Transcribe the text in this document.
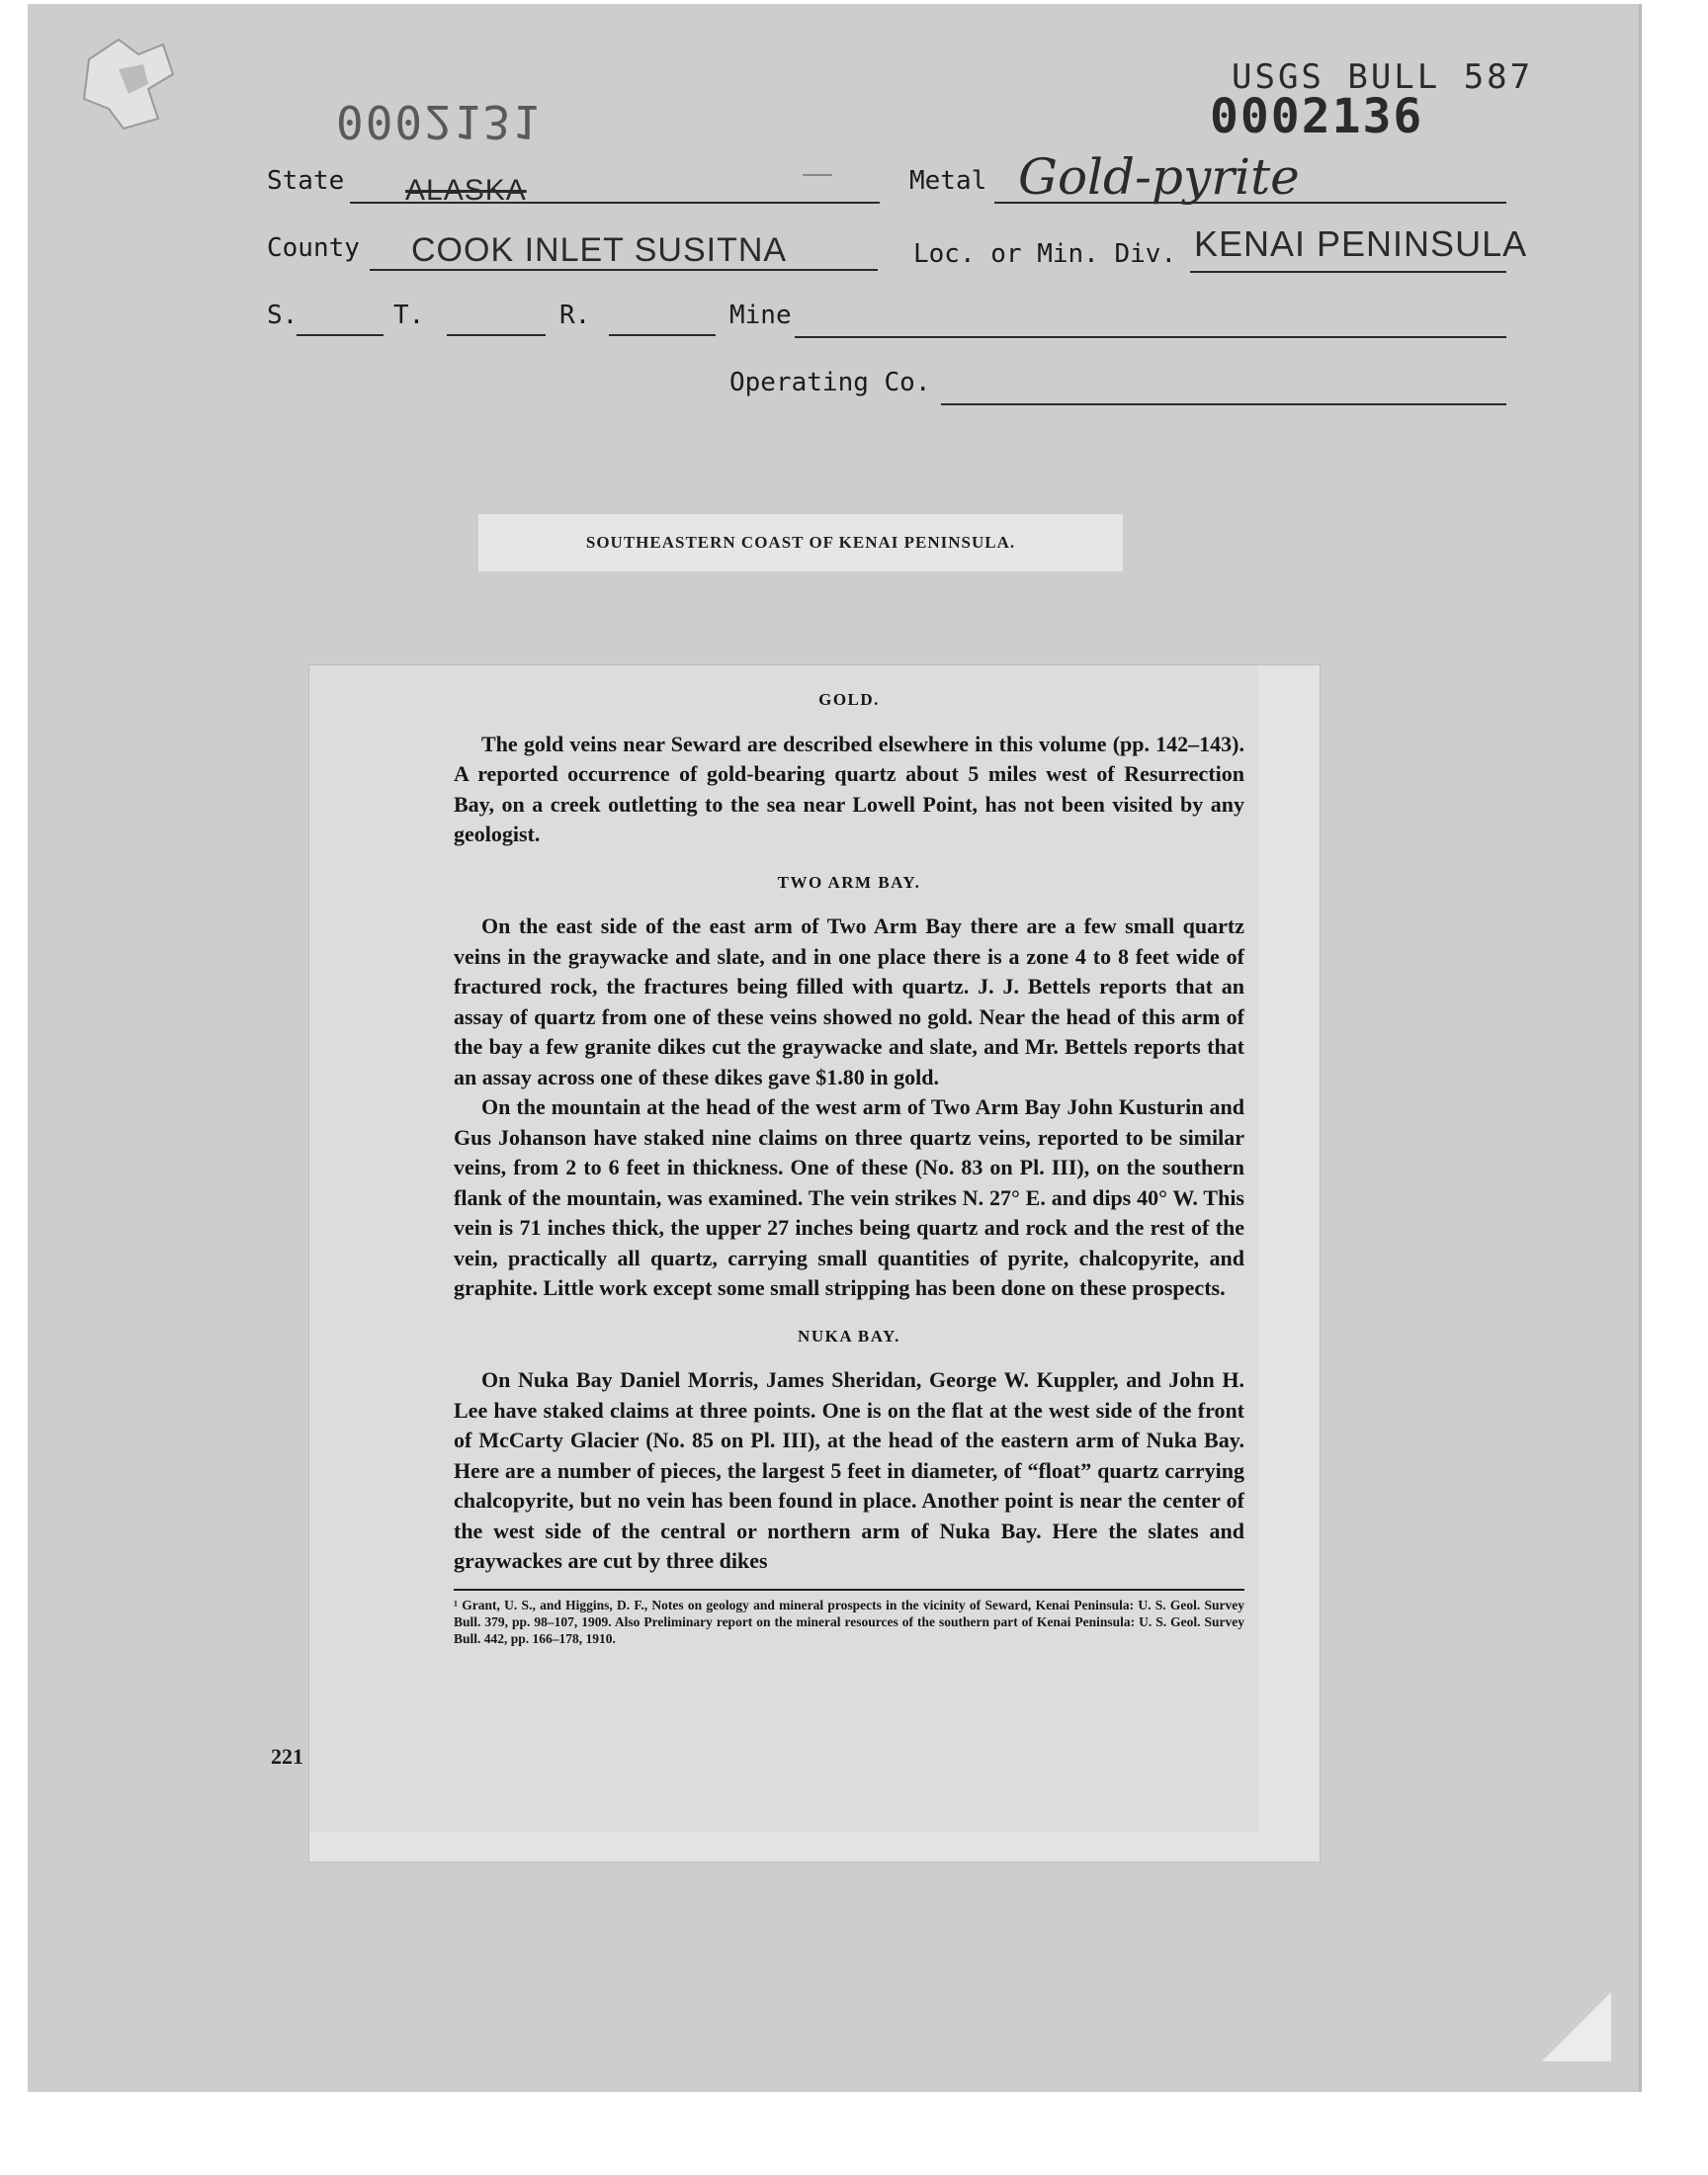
0002131
USGS BULL 587
0002136
State ALASKA	Metal Gold-pyrite
County COOK INLET SUSITNA	Loc. or Min. Div. KENAI PENINSULA
S.	T.	R.	Mine
Operating Co.
SOUTHEASTERN COAST OF KENAI PENINSULA.
GOLD.

The gold veins near Seward are described elsewhere in this volume (pp. 142–143). A reported occurrence of gold-bearing quartz about 5 miles west of Resurrection Bay, on a creek outletting to the sea near Lowell Point, has not been visited by any geologist.

TWO ARM BAY.

On the east side of the east arm of Two Arm Bay there are a few small quartz veins in the graywacke and slate, and in one place there is a zone 4 to 8 feet wide of fractured rock, the fractures being filled with quartz. J. J. Bettels reports that an assay of quartz from one of these veins showed no gold. Near the head of this arm of the bay a few granite dikes cut the graywacke and slate, and Mr. Bettels reports that an assay across one of these dikes gave $1.80 in gold.

On the mountain at the head of the west arm of Two Arm Bay John Kusturin and Gus Johanson have staked nine claims on three quartz veins, reported to be similar veins, from 2 to 6 feet in thickness. One of these (No. 83 on Pl. III), on the southern flank of the mountain, was examined. The vein strikes N. 27° E. and dips 40° W. This vein is 71 inches thick, the upper 27 inches being quartz and rock and the rest of the vein, practically all quartz, carrying small quantities of pyrite, chalcopyrite, and graphite. Little work except some small stripping has been done on these prospects.

NUKA BAY.

On Nuka Bay Daniel Morris, James Sheridan, George W. Kuppler, and John H. Lee have staked claims at three points. One is on the flat at the west side of the front of McCarty Glacier (No. 85 on Pl. III), at the head of the eastern arm of Nuka Bay. Here are a number of pieces, the largest 5 feet in diameter, of “float” quartz carrying chalcopyrite, but no vein has been found in place. Another point is near the center of the west side of the central or northern arm of Nuka Bay. Here the slates and graywackes are cut by three dikes

¹ Grant, U. S., and Higgins, D. F., Notes on geology and mineral prospects in the vicinity of Seward, Kenai Peninsula: U. S. Geol. Survey Bull. 379, pp. 98–107, 1909. Also Preliminary report on the mineral resources of the southern part of Kenai Peninsula: U. S. Geol. Survey Bull. 442, pp. 166–178, 1910.
221
